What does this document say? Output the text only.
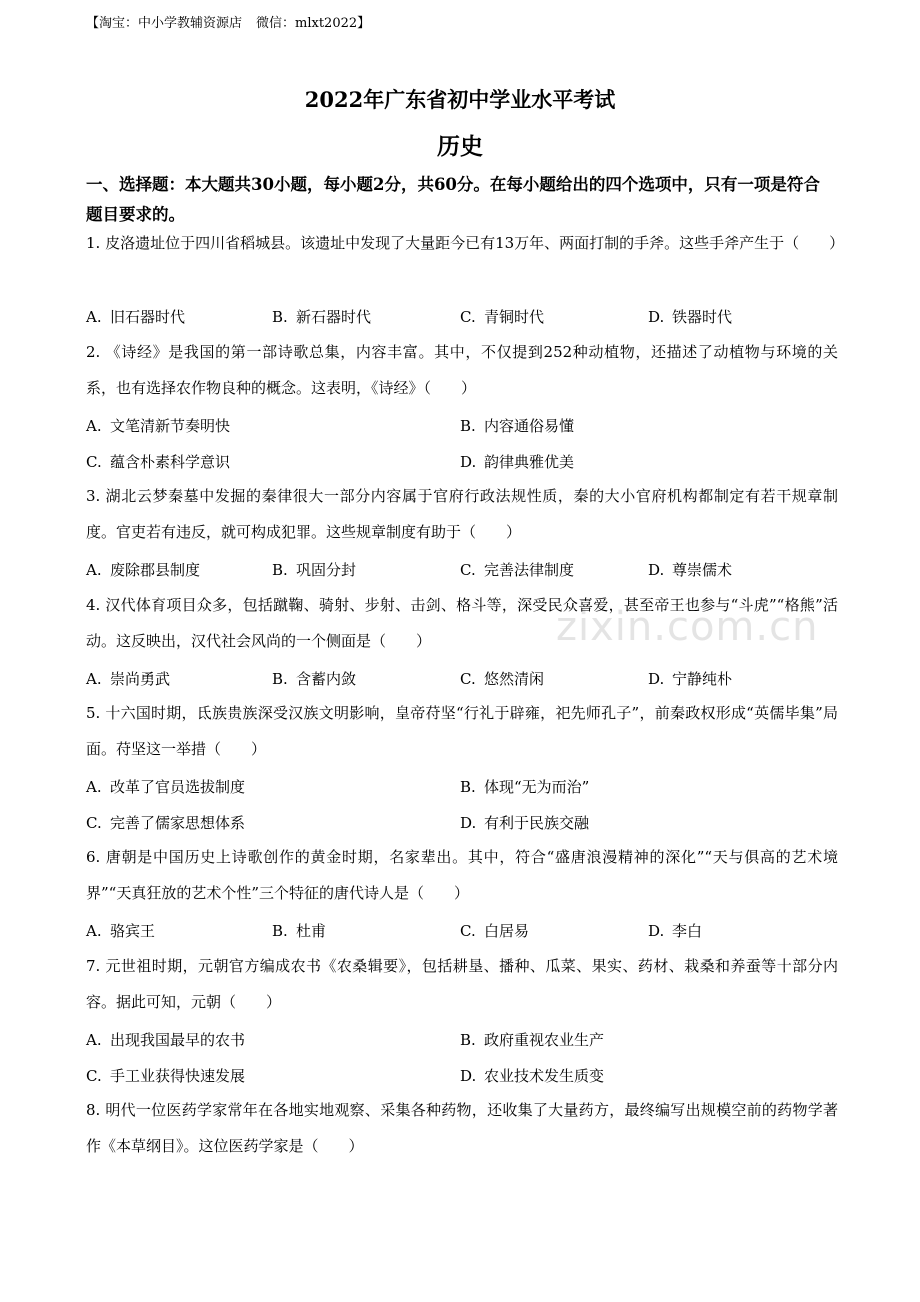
【淘宝：中小学教辅资源店 微信：mlxt2022】
zixin.com.cn
2022年广东省初中学业水平考试
历史
一、选择题：本大题共30小题，每小题2分，共60分。在每小题给出的四个选项中，只有一项是符合题目要求的。
1. 皮洛遗址位于四川省稻城县。该遗址中发现了大量距今已有13万年、两面打制的手斧。这些手斧产生于（　　）
A. 旧石器时代	B. 新石器时代	C. 青铜时代	D. 铁器时代
2. 《诗经》是我国的第一部诗歌总集，内容丰富。其中，不仅提到252种动植物，还描述了动植物与环境的关系，也有选择农作物良种的概念。这表明，《诗经》（　　）
A. 文笔清新节奏明快	B. 内容通俗易懂
C. 蕴含朴素科学意识	D. 韵律典雅优美
3. 湖北云梦秦墓中发掘的秦律很大一部分内容属于官府行政法规性质，秦的大小官府机构都制定有若干规章制度。官吏若有违反，就可构成犯罪。这些规章制度有助于（　　）
A. 废除郡县制度	B. 巩固分封	C. 完善法律制度	D. 尊崇儒术
4. 汉代体育项目众多，包括蹴鞠、骑射、步射、击剑、格斗等，深受民众喜爱，甚至帝王也参与“斗虎”“格熊”活动。这反映出，汉代社会风尚的一个侧面是（　　）
A. 崇尚勇武	B. 含蓄内敛	C. 悠然清闲	D. 宁静纯朴
5. 十六国时期，氐族贵族深受汉族文明影响，皇帝苻坚“行礼于辟雍，祀先师孔子”，前秦政权形成“英儒毕集”局面。苻坚这一举措（　　）
A. 改革了官员选拔制度	B. 体现“无为而治”
C. 完善了儒家思想体系	D. 有利于民族交融
6. 唐朝是中国历史上诗歌创作的黄金时期，名家辈出。其中，符合“盛唐浪漫精神的深化”“天与俱高的艺术境界”“天真狂放的艺术个性”三个特征的唐代诗人是（　　）
A. 骆宾王	B. 杜甫	C. 白居易	D. 李白
7. 元世祖时期，元朝官方编成农书《农桑辑要》，包括耕垦、播种、瓜菜、果实、药材、栽桑和养蚕等十部分内容。据此可知，元朝（　　）
A. 出现我国最早的农书	B. 政府重视农业生产
C. 手工业获得快速发展	D. 农业技术发生质变
8. 明代一位医药学家常年在各地实地观察、采集各种药物，还收集了大量药方，最终编写出规模空前的药物学著作《本草纲目》。这位医药学家是（　　）
